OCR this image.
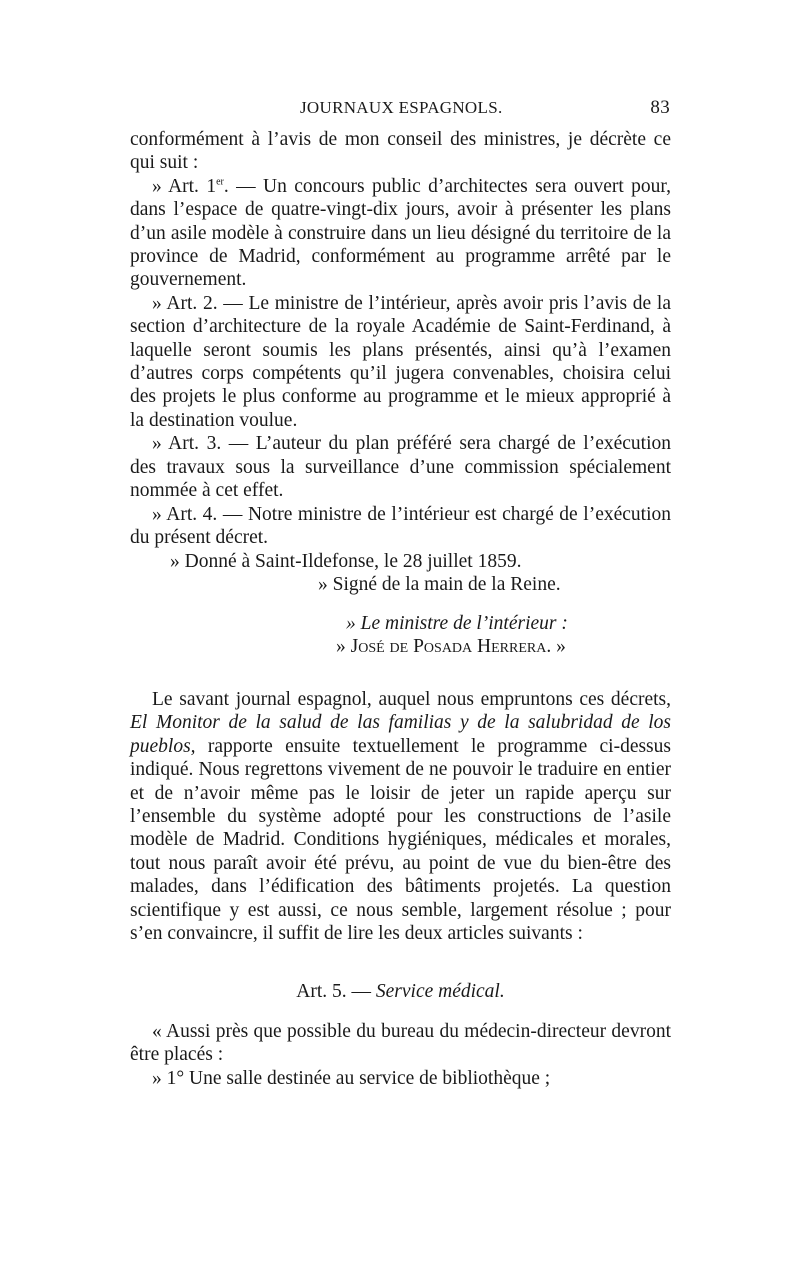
JOURNAUX ESPAGNOLS.	83

conformément à l’avis de mon conseil des ministres, je décrète ce qui suit :

» Art. 1er. — Un concours public d’architectes sera ouvert pour, dans l’espace de quatre-vingt-dix jours, avoir à présenter les plans d’un asile modèle à construire dans un lieu désigné du territoire de la province de Madrid, conformément au programme arrêté par le gouvernement.

» Art. 2. — Le ministre de l’intérieur, après avoir pris l’avis de la section d’architecture de la royale Académie de Saint-Ferdinand, à laquelle seront soumis les plans présentés, ainsi qu’à l’examen d’autres corps compétents qu’il jugera convenables, choisira celui des projets le plus conforme au programme et le mieux approprié à la destination voulue.

» Art. 3. — L’auteur du plan préféré sera chargé de l’exécution des travaux sous la surveillance d’une commission spécialement nommée à cet effet.

» Art. 4. — Notre ministre de l’intérieur est chargé de l’exécution du présent décret.

» Donné à Saint-Ildefonse, le 28 juillet 1859.

» Signé de la main de la Reine.

» Le ministre de l’intérieur :

» José de Posada Herrera. »

Le savant journal espagnol, auquel nous empruntons ces décrets, El Monitor de la salud de las familias y de la salubridad de los pueblos, rapporte ensuite textuellement le programme ci-dessus indiqué. Nous regrettons vivement de ne pouvoir le traduire en entier et de n’avoir même pas le loisir de jeter un rapide aperçu sur l’ensemble du système adopté pour les constructions de l’asile modèle de Madrid. Conditions hygiéniques, médicales et morales, tout nous paraît avoir été prévu, au point de vue du bien-être des malades, dans l’édification des bâtiments projetés. La question scientifique y est aussi, ce nous semble, largement résolue ; pour s’en convaincre, il suffit de lire les deux articles suivants :

Art. 5. — Service médical.

« Aussi près que possible du bureau du médecin-directeur devront être placés :

» 1° Une salle destinée au service de bibliothèque ;
